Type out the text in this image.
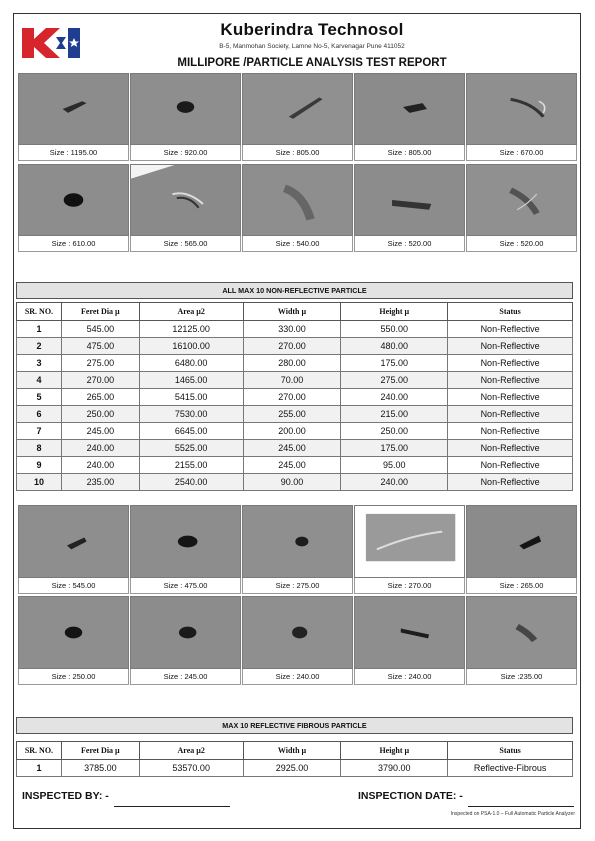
Kuberindra Technosol
B-5, Manmohan Society, Lamne No-5, Karvenagar Pune 411052
MILLIPORE /PARTICLE ANALYSIS TEST REPORT
Size : 1195.00	Size : 920.00	Size : 805.00	Size : 805.00	Size : 670.00
Size : 610.00	Size : 565.00	Size : 540.00	Size : 520.00	Size : 520.00
ALL MAX 10 NON-REFLECTIVE PARTICLE
SR. NO.	Feret Dia µ	Area µ2	Width µ	Height µ	Status
1	545.00	12125.00	330.00	550.00	Non-Reflective
2	475.00	16100.00	270.00	480.00	Non-Reflective
3	275.00	6480.00	280.00	175.00	Non-Reflective
4	270.00	1465.00	70.00	275.00	Non-Reflective
5	265.00	5415.00	270.00	240.00	Non-Reflective
6	250.00	7530.00	255.00	215.00	Non-Reflective
7	245.00	6645.00	200.00	250.00	Non-Reflective
8	240.00	5525.00	245.00	175.00	Non-Reflective
9	240.00	2155.00	245.00	95.00	Non-Reflective
10	235.00	2540.00	90.00	240.00	Non-Reflective
Size : 545.00	Size : 475.00	Size : 275.00	Size : 270.00	Size : 265.00
Size : 250.00	Size : 245.00	Size : 240.00	Size : 240.00	Size :235.00
MAX 10 REFLECTIVE FIBROUS PARTICLE
SR. NO.	Feret Dia µ	Area µ2	Width µ	Height µ	Status
1	3785.00	53570.00	2925.00	3790.00	Reflective-Fibrous
INSPECTED BY: -	INSPECTION DATE: -
Inspected on PSA-1.0 – Full Automatic Particle Analyzer
